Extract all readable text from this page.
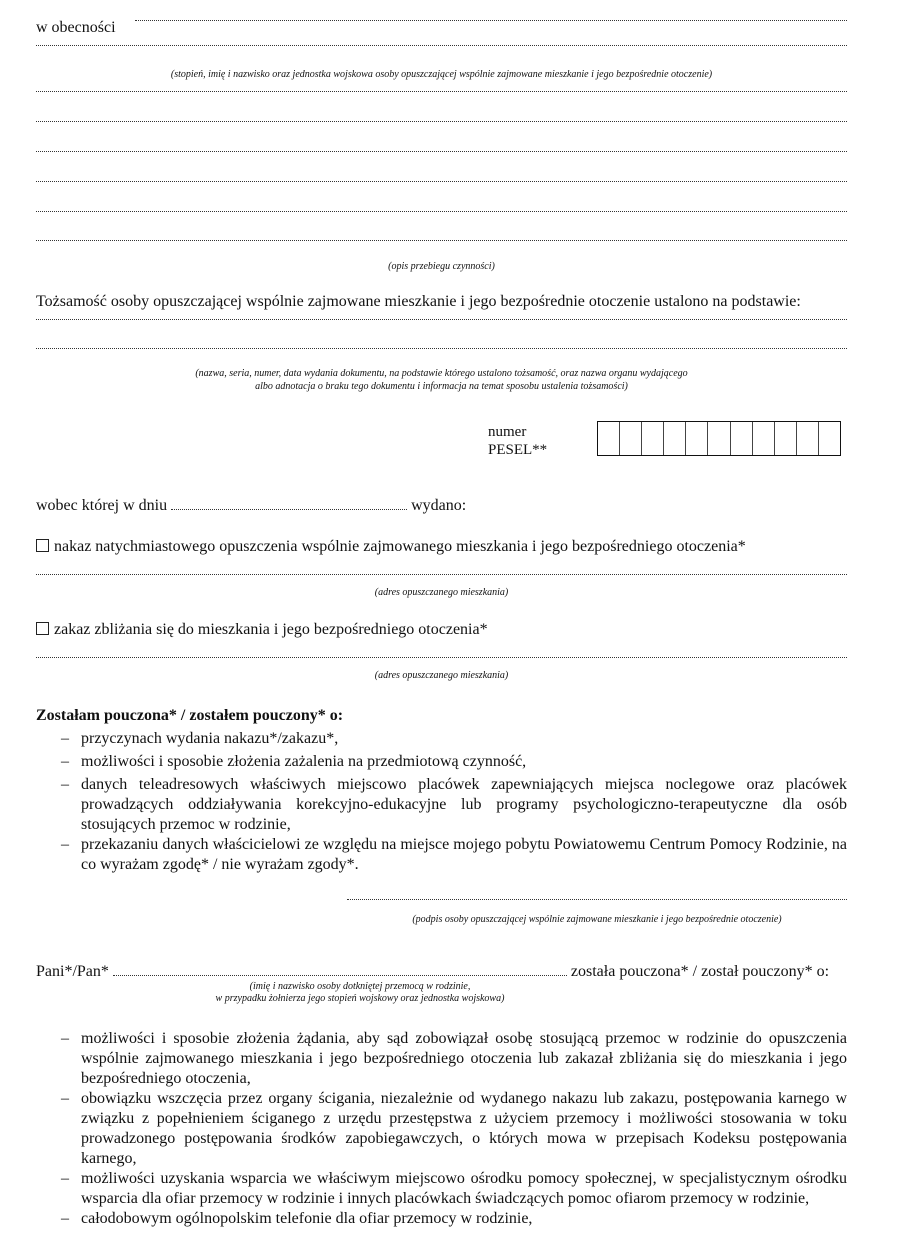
w obecności
(stopień, imię i nazwisko oraz jednostka wojskowa osoby opuszczającej wspólnie zajmowane mieszkanie i jego bezpośrednie otoczenie)
(opis przebiegu czynności)
Tożsamość osoby opuszczającej wspólnie zajmowane mieszkanie i jego bezpośrednie otoczenie ustalono na podstawie:
(nazwa, seria, numer, data wydania dokumentu, na podstawie którego ustalono tożsamość, oraz nazwa organu wydającego
albo adnotacja o braku tego dokumentu i informacja na temat sposobu ustalenia tożsamości)
numer
PESEL**
wobec której w dniu	wydano:
nakaz natychmiastowego opuszczenia wspólnie zajmowanego mieszkania i jego bezpośredniego otoczenia*
(adres opuszczanego mieszkania)
zakaz zbliżania się do mieszkania i jego bezpośredniego otoczenia*
(adres opuszczanego mieszkania)
Zostałam pouczona* / zostałem pouczony* o:
– przyczynach wydania nakazu*/zakazu*,
– możliwości i sposobie złożenia zażalenia na przedmiotową czynność,
– danych teleadresowych właściwych miejscowo placówek zapewniających miejsca noclegowe oraz placówek prowadzących oddziaływania korekcyjno-edukacyjne lub programy psychologiczno-terapeutyczne dla osób stosujących przemoc w rodzinie,
– przekazaniu danych właścicielowi ze względu na miejsce mojego pobytu Powiatowemu Centrum Pomocy Rodzinie, na co wyrażam zgodę* / nie wyrażam zgody*.
(podpis osoby opuszczającej wspólnie zajmowane mieszkanie i jego bezpośrednie otoczenie)
Pani*/Pan*	została pouczona* / został pouczony* o:
(imię i nazwisko osoby dotkniętej przemocą w rodzinie,
w przypadku żołnierza jego stopień wojskowy oraz jednostka wojskowa)
– możliwości i sposobie złożenia żądania, aby sąd zobowiązał osobę stosującą przemoc w rodzinie do opuszczenia wspólnie zajmowanego mieszkania i jego bezpośredniego otoczenia lub zakazał zbliżania się do mieszkania i jego bezpośredniego otoczenia,
– obowiązku wszczęcia przez organy ścigania, niezależnie od wydanego nakazu lub zakazu, postępowania karnego w związku z popełnieniem ściganego z urzędu przestępstwa z użyciem przemocy i możliwości stosowania w toku prowadzonego postępowania środków zapobiegawczych, o których mowa w przepisach Kodeksu postępowania karnego,
– możliwości uzyskania wsparcia we właściwym miejscowo ośrodku pomocy społecznej, w specjalistycznym ośrodku wsparcia dla ofiar przemocy w rodzinie i innych placówkach świadczących pomoc ofiarom przemocy w rodzinie,
– całodobowym ogólnopolskim telefonie dla ofiar przemocy w rodzinie,
